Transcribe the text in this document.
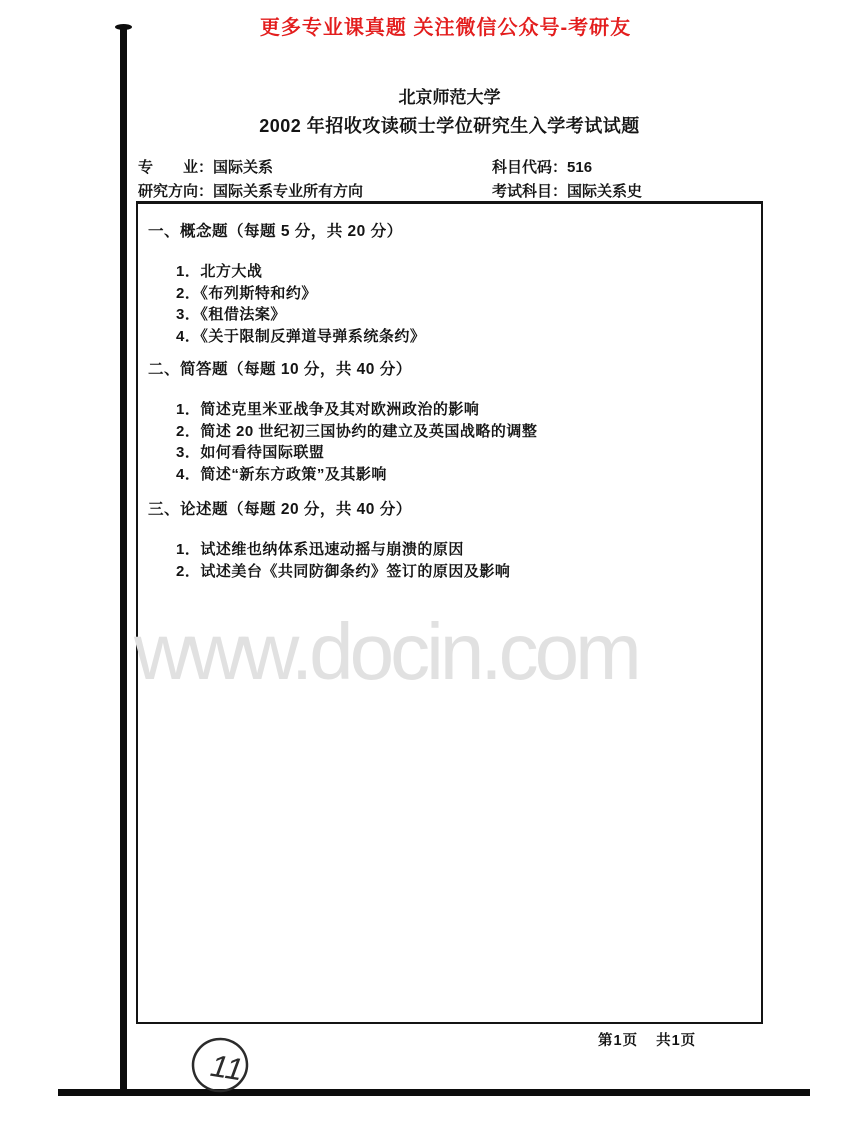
更多专业课真题 关注微信公众号-考研友
北京师范大学
2002 年招收攻读硕士学位研究生入学考试试题
专　　业：国际关系	科目代码：516
研究方向：国际关系专业所有方向	考试科目：国际关系史
www.docin.com
一、概念题（每题 5 分，共 20 分）
1．北方大战
2．《布列斯特和约》
3．《租借法案》
4．《关于限制反弹道导弹系统条约》
二、简答题（每题 10 分，共 40 分）
1．简述克里米亚战争及其对欧洲政治的影响
2．简述 20 世纪初三国协约的建立及英国战略的调整
3．如何看待国际联盟
4．简述“新东方政策”及其影响
三、论述题（每题 20 分，共 40 分）
1．试述维也纳体系迅速动摇与崩溃的原因
2．试述美台《共同防御条约》签订的原因及影响
第1页 共1页
11
